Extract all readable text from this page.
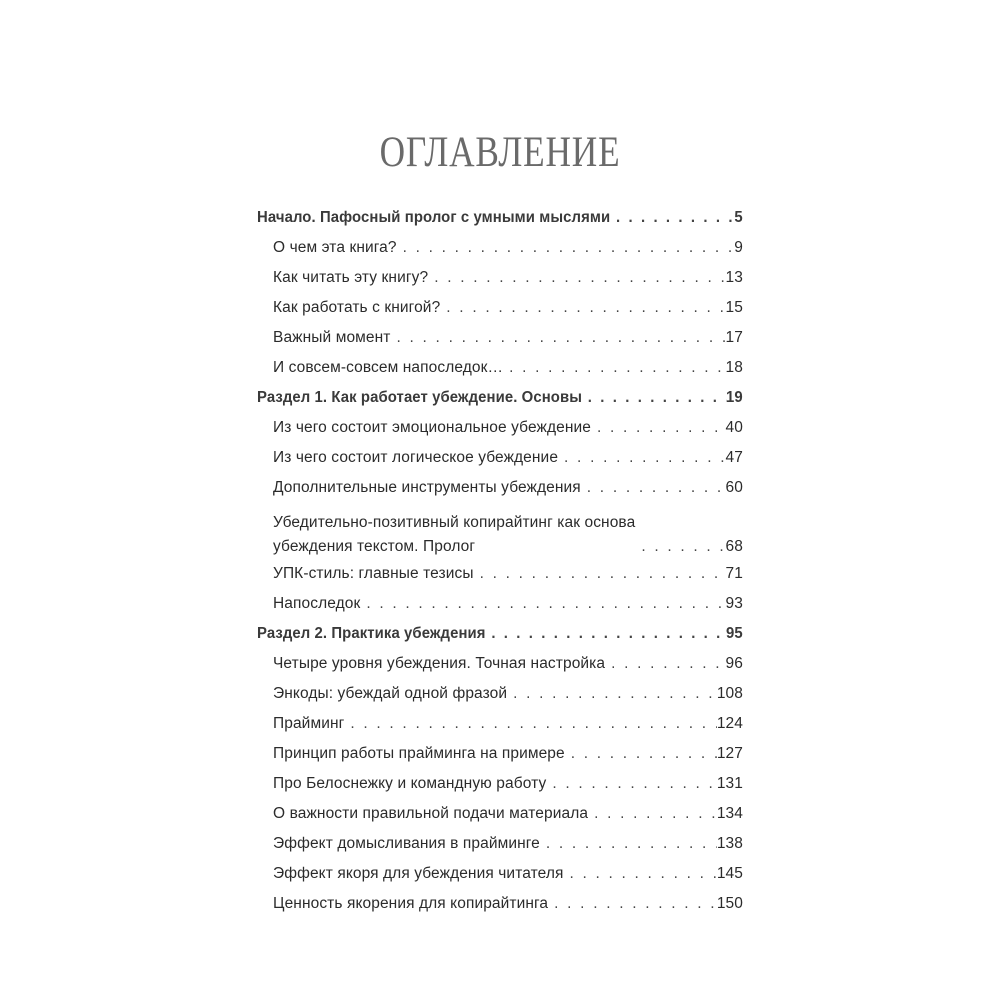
ОГЛАВЛЕНИЕ
Начало. Пафосный пролог с умными мыслями . . .	5
О чем эта книга? . . .	9
Как читать эту книгу? . . .	13
Как работать с книгой? . . .	15
Важный момент . . .	17
И совсем-совсем напоследок… . . .	18
Раздел 1. Как работает убеждение. Основы . . .	19
Из чего состоит эмоциональное убеждение . . .	40
Из чего состоит логическое убеждение . . .	47
Дополнительные инструменты убеждения . . .	60
Убедительно-позитивный копирайтинг как основа
убеждения текстом. Пролог . . .	68
УПК-стиль: главные тезисы . . .	71
Напоследок . . .	93
Раздел 2. Практика убеждения . . .	95
Четыре уровня убеждения. Точная настройка . . .	96
Энкоды: убеждай одной фразой . . .	108
Прайминг . . .	124
Принцип работы прайминга на примере . . .	127
Про Белоснежку и командную работу . . .	131
О важности правильной подачи материала . . .	134
Эффект домысливания в прайминге . . .	138
Эффект якоря для убеждения читателя . . .	145
Ценность якорения для копирайтинга . . .	150
